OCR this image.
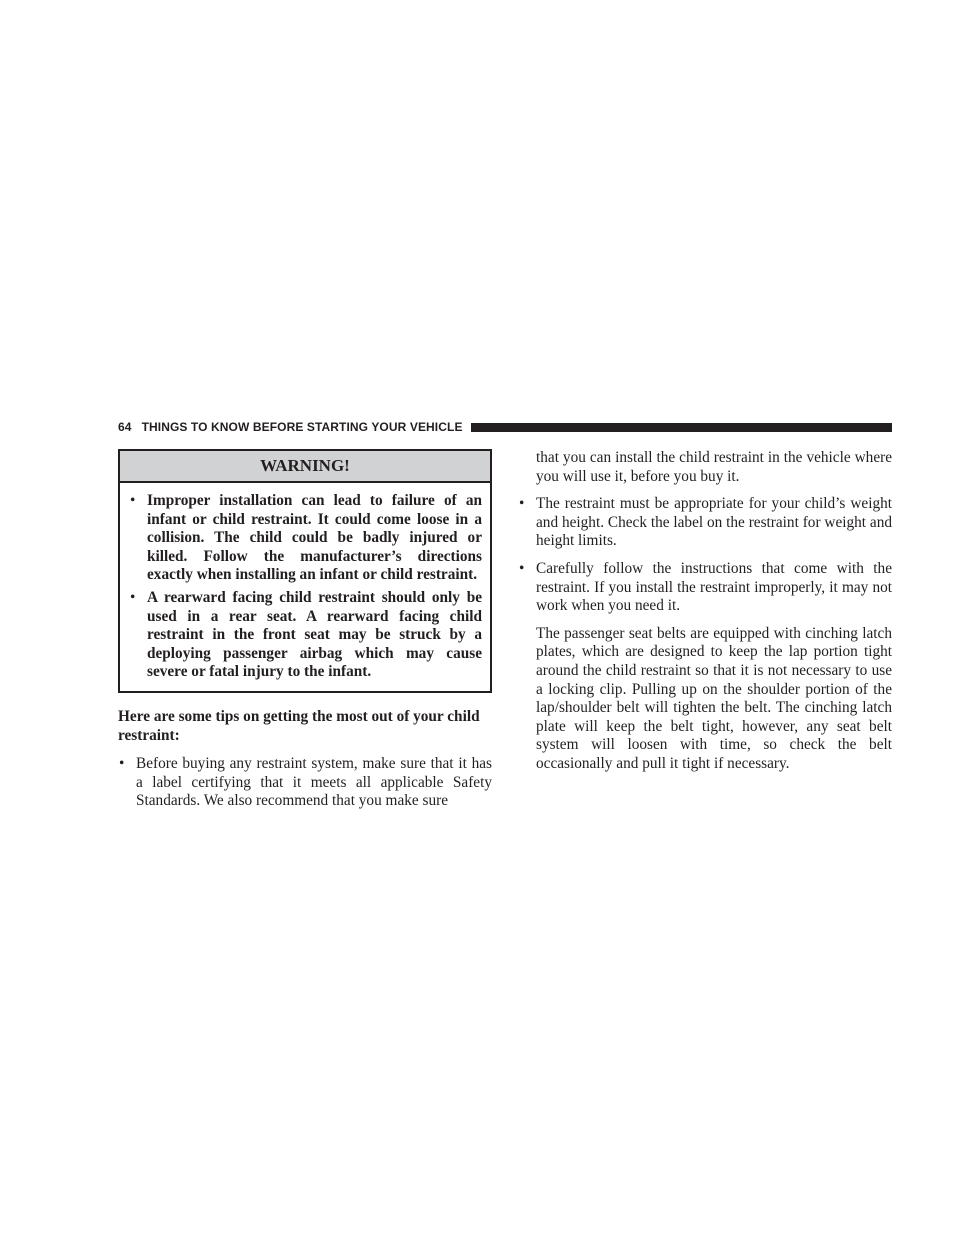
64 THINGS TO KNOW BEFORE STARTING YOUR VEHICLE
WARNING!
• Improper installation can lead to failure of an infant or child restraint. It could come loose in a collision. The child could be badly injured or killed. Follow the manufacturer’s directions exactly when installing an infant or child restraint.
• A rearward facing child restraint should only be used in a rear seat. A rearward facing child restraint in the front seat may be struck by a deploying passenger airbag which may cause severe or fatal injury to the infant.
Here are some tips on getting the most out of your child restraint:
• Before buying any restraint system, make sure that it has a label certifying that it meets all applicable Safety Standards. We also recommend that you make sure
that you can install the child restraint in the vehicle where you will use it, before you buy it.
• The restraint must be appropriate for your child’s weight and height. Check the label on the restraint for weight and height limits.
• Carefully follow the instructions that come with the restraint. If you install the restraint improperly, it may not work when you need it.
The passenger seat belts are equipped with cinching latch plates, which are designed to keep the lap portion tight around the child restraint so that it is not necessary to use a locking clip. Pulling up on the shoulder portion of the lap/shoulder belt will tighten the belt. The cinching latch plate will keep the belt tight, however, any seat belt system will loosen with time, so check the belt occasionally and pull it tight if necessary.
